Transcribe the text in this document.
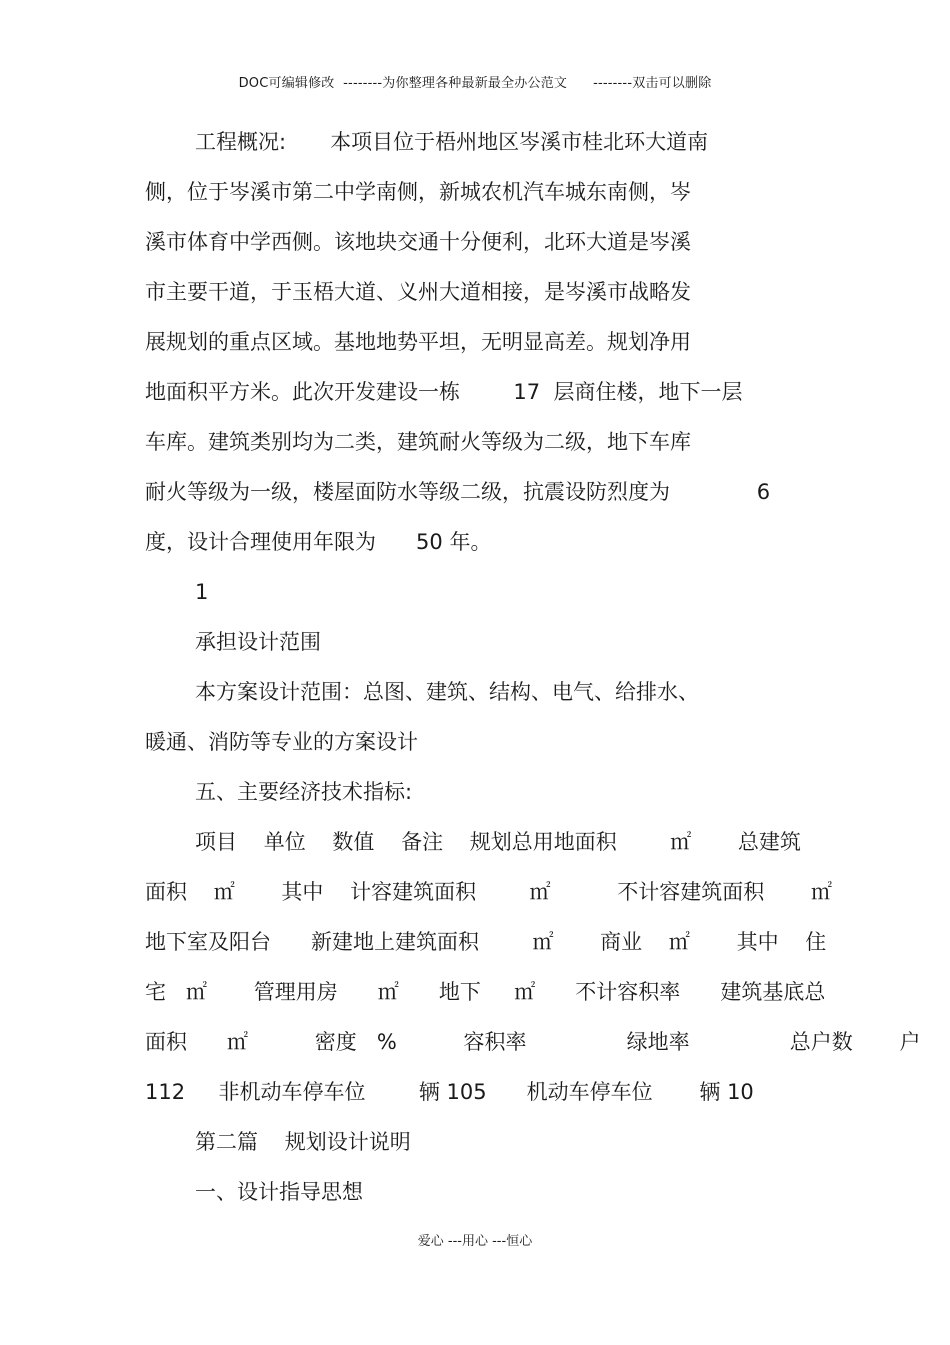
DOC可编辑修改  --------为你整理各种最新最全办公范文      --------双击可以删除
工程概况: 本项目位于梧州地区岑溪市桂北环大道南
侧，位于岑溪市第二中学南侧，新城农机汽车城东南侧，岑
溪市体育中学西侧。该地块交通十分便利，北环大道是岑溪
市主要干道，于玉梧大道、义州大道相接，是岑溪市战略发
展规划的重点区域。基地地势平坦，无明显高差。规划净用
地面积平方米。此次开发建设一栋        17  层商住楼，地下一层
车库。建筑类别均为二类，建筑耐火等级为二级，地下车库
耐火等级为一级，楼屋面防水等级二级，抗震设防烈度为             6
度，设计合理使用年限为      50 年。
1
承担设计范围
本方案设计范围：总图、建筑、结构、电气、给排水、
暖通、消防等专业的方案设计
五、主要经济技术指标:
项目    单位    数值    备注    规划总用地面积        ㎡       总建筑
面积    ㎡       其中    计容建筑面积        ㎡          不计容建筑面积       ㎡
地下室及阳台      新建地上建筑面积        ㎡       商业    ㎡       其中    住
宅   ㎡       管理用房      ㎡      地下     ㎡      不计容积率      建筑基底总
面积      ㎡          密度   %          容积率               绿地率               总户数       户
112     非机动车停车位        辆 105      机动车停车位       辆 10
第二篇    规划设计说明
一、设计指导思想
爱心 ---用心 ---恒心
